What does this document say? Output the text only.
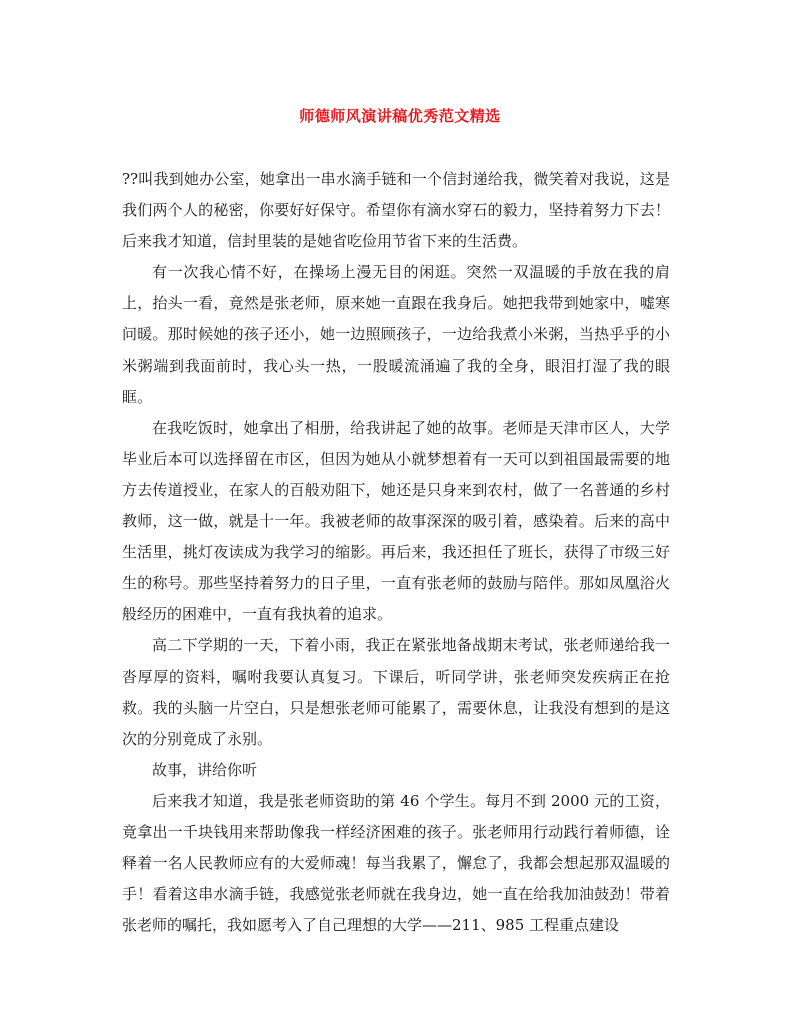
师德师风演讲稿优秀范文精选

??叫我到她办公室，她拿出一串水滴手链和一个信封递给我，微笑着对我说，这是我们两个人的秘密，你要好好保守。希望你有滴水穿石的毅力，坚持着努力下去！后来我才知道，信封里装的是她省吃俭用节省下来的生活费。

有一次我心情不好，在操场上漫无目的闲逛。突然一双温暖的手放在我的肩上，抬头一看，竟然是张老师，原来她一直跟在我身后。她把我带到她家中，嘘寒问暖。那时候她的孩子还小，她一边照顾孩子，一边给我煮小米粥，当热乎乎的小米粥端到我面前时，我心头一热，一股暖流涌遍了我的全身，眼泪打湿了我的眼眶。

在我吃饭时，她拿出了相册，给我讲起了她的故事。老师是天津市区人，大学毕业后本可以选择留在市区，但因为她从小就梦想着有一天可以到祖国最需要的地方去传道授业，在家人的百般劝阻下，她还是只身来到农村，做了一名普通的乡村教师，这一做，就是十一年。我被老师的故事深深的吸引着，感染着。后来的高中生活里，挑灯夜读成为我学习的缩影。再后来，我还担任了班长，获得了市级三好生的称号。那些坚持着努力的日子里，一直有张老师的鼓励与陪伴。那如凤凰浴火般经历的困难中，一直有我执着的追求。

高二下学期的一天，下着小雨，我正在紧张地备战期末考试，张老师递给我一沓厚厚的资料，嘱咐我要认真复习。下课后，听同学讲，张老师突发疾病正在抢救。我的头脑一片空白，只是想张老师可能累了，需要休息，让我没有想到的是这次的分别竟成了永别。

故事，讲给你听

后来我才知道，我是张老师资助的第 46 个学生。每月不到 2000 元的工资，竟拿出一千块钱用来帮助像我一样经济困难的孩子。张老师用行动践行着师德，诠释着一名人民教师应有的大爱师魂！每当我累了，懈怠了，我都会想起那双温暖的手！看着这串水滴手链，我感觉张老师就在我身边，她一直在给我加油鼓劲！带着张老师的嘱托，我如愿考入了自己理想的大学——211、985 工程重点建设
